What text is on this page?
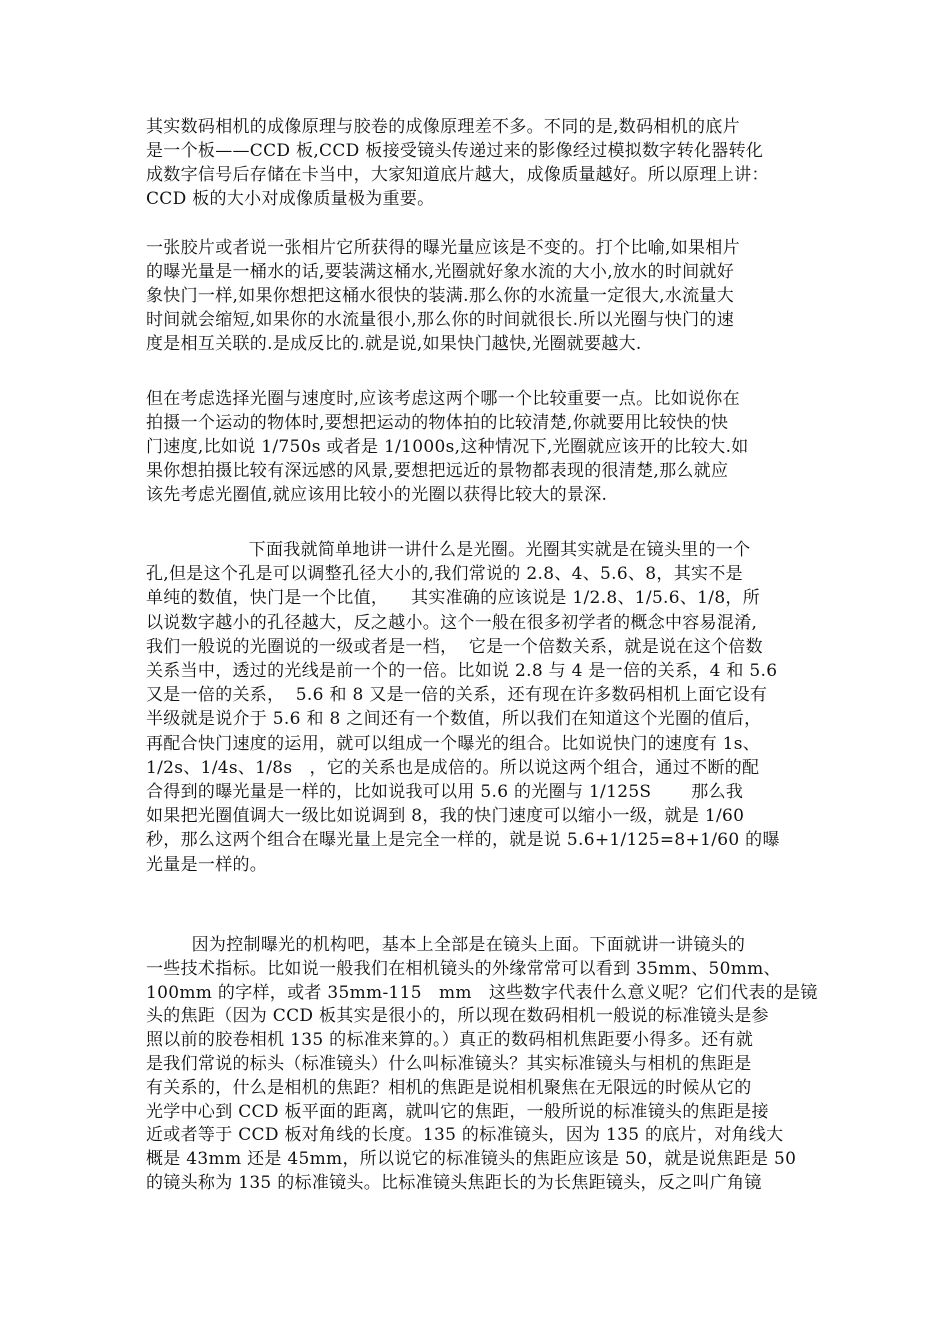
其实数码相机的成像原理与胶卷的成像原理差不多。不同的是,数码相机的底片
是一个板——CCD 板,CCD 板接受镜头传递过来的影像经过模拟数字转化器转化
成数字信号后存储在卡当中，大家知道底片越大，成像质量越好。所以原理上讲：
CCD 板的大小对成像质量极为重要。
一张胶片或者说一张相片它所获得的曝光量应该是不变的。打个比喻,如果相片
的曝光量是一桶水的话,要装满这桶水,光圈就好象水流的大小,放水的时间就好
象快门一样,如果你想把这桶水很快的装满.那么你的水流量一定很大,水流量大
时间就会缩短,如果你的水流量很小,那么你的时间就很长.所以光圈与快门的速
度是相互关联的.是成反比的.就是说,如果快门越快,光圈就要越大.
但在考虑选择光圈与速度时,应该考虑这两个哪一个比较重要一点。比如说你在
拍摄一个运动的物体时,要想把运动的物体拍的比较清楚,你就要用比较快的快
门速度,比如说 1/750s 或者是 1/1000s,这种情况下,光圈就应该开的比较大.如
果你想拍摄比较有深远感的风景,要想把远近的景物都表现的很清楚,那么就应
该先考虑光圈值,就应该用比较小的光圈以获得比较大的景深.
下面我就简单地讲一讲什么是光圈。光圈其实就是在镜头里的一个
孔,但是这个孔是可以调整孔径大小的,我们常说的 2.8、4、5.6、8，其实不是
单纯的数值，快门是一个比值，    其实准确的应该说是 1/2.8、1/5.6、1/8，所
以说数字越小的孔径越大，反之越小。这个一般在很多初学者的概念中容易混淆,
我们一般说的光圈说的一级或者是一档，  它是一个倍数关系，就是说在这个倍数
关系当中，透过的光线是前一个的一倍。比如说 2.8 与 4 是一倍的关系，4 和 5.6
又是一倍的关系，  5.6 和 8 又是一倍的关系，还有现在许多数码相机上面它设有
半级就是说介于 5.6 和 8 之间还有一个数值，所以我们在知道这个光圈的值后，
再配合快门速度的运用，就可以组成一个曝光的组合。比如说快门的速度有 1s、
1/2s、1/4s、1/8s   ，它的关系也是成倍的。所以说这两个组合，通过不断的配
合得到的曝光量是一样的，比如说我可以用 5.6 的光圈与 1/125S       那么我
如果把光圈值调大一级比如说调到 8，我的快门速度可以缩小一级，就是 1/60
秒，那么这两个组合在曝光量上是完全一样的，就是说 5.6+1/125=8+1/60 的曝
光量是一样的。
因为控制曝光的机构吧，基本上全部是在镜头上面。下面就讲一讲镜头的
一些技术指标。比如说一般我们在相机镜头的外缘常常可以看到 35mm、50mm、
100mm 的字样，或者 35mm-115   mm   这些数字代表什么意义呢？它们代表的是镜
头的焦距（因为 CCD 板其实是很小的，所以现在数码相机一般说的标准镜头是参
照以前的胶卷相机 135 的标准来算的。）真正的数码相机焦距要小得多。还有就
是我们常说的标头（标准镜头）什么叫标准镜头？其实标准镜头与相机的焦距是
有关系的，什么是相机的焦距？相机的焦距是说相机聚焦在无限远的时候从它的
光学中心到 CCD 板平面的距离，就叫它的焦距，一般所说的标准镜头的焦距是接
近或者等于 CCD 板对角线的长度。135 的标准镜头，因为 135 的底片，对角线大
概是 43mm 还是 45mm，所以说它的标准镜头的焦距应该是 50，就是说焦距是 50
的镜头称为 135 的标准镜头。比标准镜头焦距长的为长焦距镜头，反之叫广角镜
